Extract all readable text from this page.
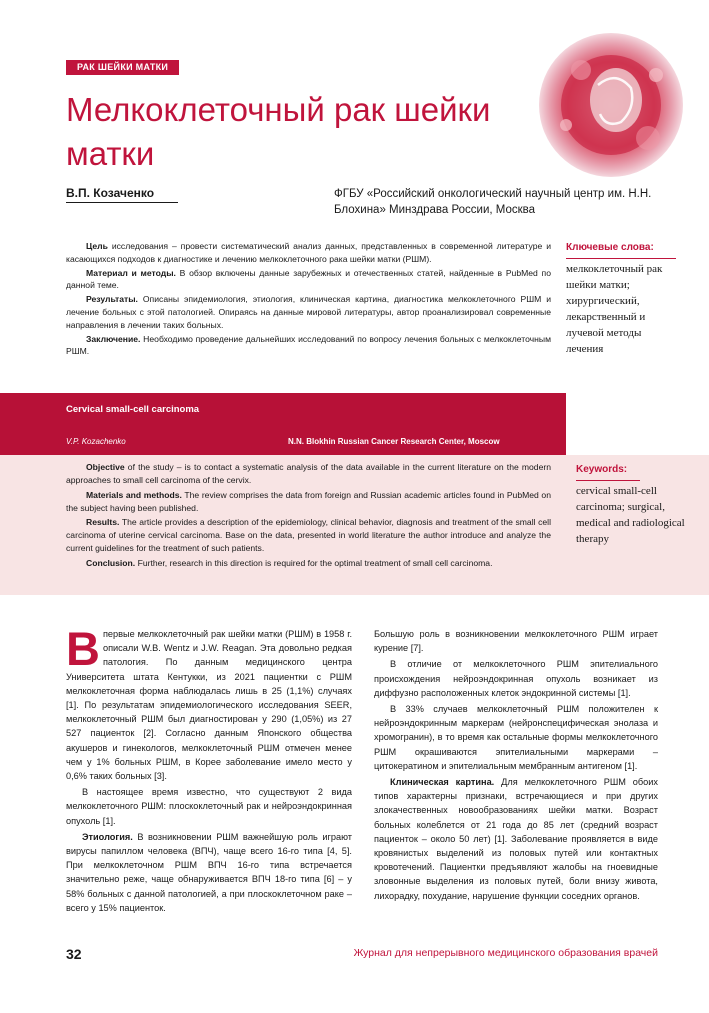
РАК ШЕЙКИ МАТКИ
Мелкоклеточный рак шейки матки
В.П. Козаченко	ФГБУ «Российский онкологический научный центр им. Н.Н. Блохина» Минздрава России, Москва

Цель исследования – провести систематический анализ данных, представленных в современной литературе и касающихся подходов к диагностике и лечению мелкоклеточного рака шейки матки (РШМ).

Материал и методы. В обзор включены данные зарубежных и отечественных статей, найденные в PubMed по данной теме.

Результаты. Описаны эпидемиология, этиология, клиническая картина, диагностика мелкоклеточного РШМ и лечение больных с этой патологией. Опираясь на данные мировой литературы, автор проанализировал современные направления в лечении таких больных.

Заключение. Необходимо проведение дальнейших исследований по вопросу лечения больных с мелкоклеточным РШМ.

Ключевые слова:
мелкоклеточный рак шейки матки; хирургический, лекарственный и лучевой методы лечения
Cervical small-cell carcinoma
V.P. Kozachenko	N.N. Blokhin Russian Cancer Research Center, Moscow

Objective of the study – is to contact a systematic analysis of the data available in the current literature on the modern approaches to small cell carcinoma of the cervix.

Materials and methods. The review comprises the data from foreign and Russian academic articles found in PubMed on the subject having been published.

Results. The article provides a description of the epidemiology, clinical behavior, diagnosis and treatment of the small cell carcinoma of uterine cervical carcinoma. Base on the data, presented in world literature the author introduce and analyze the current guidelines for the treatment of such patients.

Conclusion. Further, research in this direction is required for the optimal treatment of small cell carcinoma.

Keywords:
cervical small-cell carcinoma; surgical, medical and radiological therapy

Впервые мелкоклеточный рак шейки матки (РШМ) в 1958 г. описали W.B. Wentz и J.W. Reagan. Эта довольно редкая патология. По данным медицинского центра Университета штата Кентукки, из 2021 пациентки с РШМ мелкоклеточная форма наблюдалась лишь в 25 (1,1%) случаях [1]. По результатам эпидемиологического исследования SEER, мелкоклеточный РШМ был диагностирован у 290 (1,05%) из 27 527 пациенток [2]. Согласно данным Японского общества акушеров и гинекологов, мелкоклеточный РШМ отмечен менее чем у 1% больных РШМ, в Корее заболевание имело место у 0,6% таких больных [3].

В настоящее время известно, что существуют 2 вида мелкоклеточного РШМ: плоскоклеточный рак и нейроэндокринная опухоль [1].

Этиология. В возникновении РШМ важнейшую роль играют вирусы папиллом человека (ВПЧ), чаще всего 16-го типа [4, 5]. При мелкоклеточном РШМ ВПЧ 16-го типа встречается значительно реже, чаще обнаруживается ВПЧ 18-го типа [6] – у 58% больных с данной патологией, а при плоскоклеточном раке – всего у 15% пациенток.

Большую роль в возникновении мелкоклеточного РШМ играет курение [7].

В отличие от мелкоклеточного РШМ эпителиального происхождения нейроэндокринная опухоль возникает из диффузно расположенных клеток эндокринной системы [1].

В 33% случаев мелкоклеточный РШМ положителен к нейроэндокринным маркерам (нейронспецифическая энолаза и хромогранин), в то время как остальные формы мелкоклеточного РШМ окрашиваются эпителиальными маркерами – цитокератином и эпителиальным мембранным антигеном [1].

Клиническая картина. Для мелкоклеточного РШМ обоих типов характерны признаки, встречающиеся и при других злокачественных новообразованиях шейки матки. Возраст больных колеблется от 21 года до 85 лет (средний возраст пациенток – около 50 лет) [1]. Заболевание проявляется в виде кровянистых выделений из половых путей или контактных кровотечений. Пациентки предъявляют жалобы на гноевидные зловонные выделения из половых путей, боли внизу живота, лихорадку, похудание, нарушение функции соседних органов.

32	Журнал для непрерывного медицинского образования врачей
